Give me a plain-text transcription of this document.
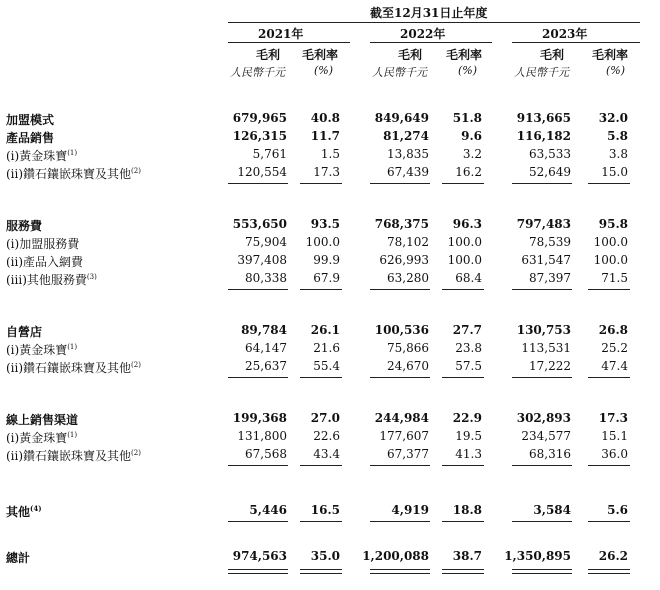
截至12月31日止年度
2021年	2022年	2023年
毛利 毛利率	毛利 毛利率	毛利 毛利率
人民幣千元	(%)	人民幣千元	(%)	人民幣千元	(%)
加盟模式	679,965	40.8	849,649	51.8	913,665	32.0
產品銷售	126,315	11.7	81,274	9.6	116,182	5.8
(i)黃金珠寶$^{(1)}$	5,761	1.5	13,835	3.2	63,533	3.8
(ii)鑽石鑲嵌珠寶及其他$^{(2)}$	120,554	17.3	67,439	16.2	52,649	15.0
服務費	553,650	93.5	768,375	96.3	797,483	95.8
(i)加盟服務費	75,904	100.0	78,102	100.0	78,539	100.0
(ii)產品入網費	397,408	99.9	626,993	100.0	631,547	100.0
(iii)其他服務費$^{(3)}$	80,338	67.9	63,280	68.4	87,397	71.5
自營店	89,784	26.1	100,536	27.7	130,753	26.8
(i)黃金珠寶$^{(1)}$	64,147	21.6	75,866	23.8	113,531	25.2
(ii)鑽石鑲嵌珠寶及其他$^{(2)}$	25,637	55.4	24,670	57.5	17,222	47.4
線上銷售渠道	199,368	27.0	244,984	22.9	302,893	17.3
(i)黃金珠寶$^{(1)}$	131,800	22.6	177,607	19.5	234,577	15.1
(ii)鑽石鑲嵌珠寶及其他$^{(2)}$	67,568	43.4	67,377	41.3	68,316	36.0
其他$^{(4)}$	5,446	16.5	4,919	18.8	3,584	5.6
總計	974,563	35.0	1,200,088	38.7	1,350,895	26.2
